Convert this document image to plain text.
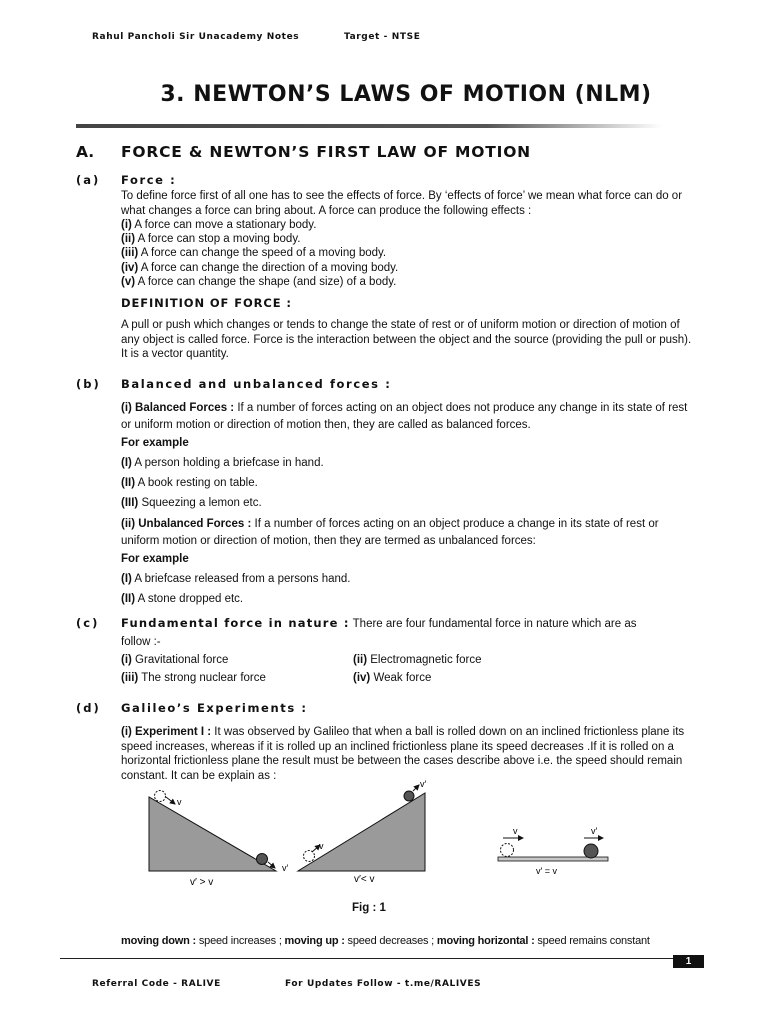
Rahul Pancholi Sir Unacademy Notes	Target - NTSE
3. NEWTON’S LAWS OF MOTION (NLM)
A. FORCE & NEWTON’S FIRST LAW OF MOTION
(a) Force :
To define force first of all one has to see the effects of force. By ‘effects of force’ we mean what force can do or what changes a force can bring about. A force can produce the following effects :
(i) A force can move a stationary body.
(ii) A force can stop a moving body.
(iii) A force can change the speed of a moving body.
(iv) A force can change the direction of a moving body.
(v) A force can change the shape (and size) of a body.
DEFINITION OF FORCE :
A pull or push which changes or tends to change the state of rest or of uniform motion or direction of motion of any object is called force. Force is the interaction between the object and the source (providing the pull or push). It is a vector quantity.
(b) Balanced and unbalanced forces :
(i) Balanced Forces : If a number of forces acting on an object does not produce any change in its state of rest or uniform motion or direction of motion then, they are called as balanced forces.
For example
(I) A person holding a briefcase in hand.
(II) A book resting on table.
(III) Squeezing a lemon etc.
(ii) Unbalanced Forces : If a number of forces acting on an object produce a change in its state of rest or uniform motion or direction of motion, then they are termed as unbalanced forces:
For example
(I) A briefcase released from a persons hand.
(II) A stone dropped etc.
(c) Fundamental force in nature : There are four fundamental force in nature which are as
follow :-
(i) Gravitational force	(ii) Electromagnetic force
(iii) The strong nuclear force	(iv) Weak force
(d) Galileo’s Experiments :
(i) Experiment I : It was observed by Galileo that when a ball is rolled down on an inclined frictionless plane its speed increases, whereas if it is rolled up an inclined frictionless plane its speed decreases .If it is rolled on a horizontal frictionless plane the result must be between the cases describe above i.e. the speed should remain constant. It can be explain as :
v
v′
v′ > v
v
v′
v′< v
v	v′
v′ = v
Fig : 1
moving down : speed increases ; moving up : speed decreases ; moving horizontal : speed remains constant
1
Referral Code - RALIVE	For Updates Follow - t.me/RALIVES
